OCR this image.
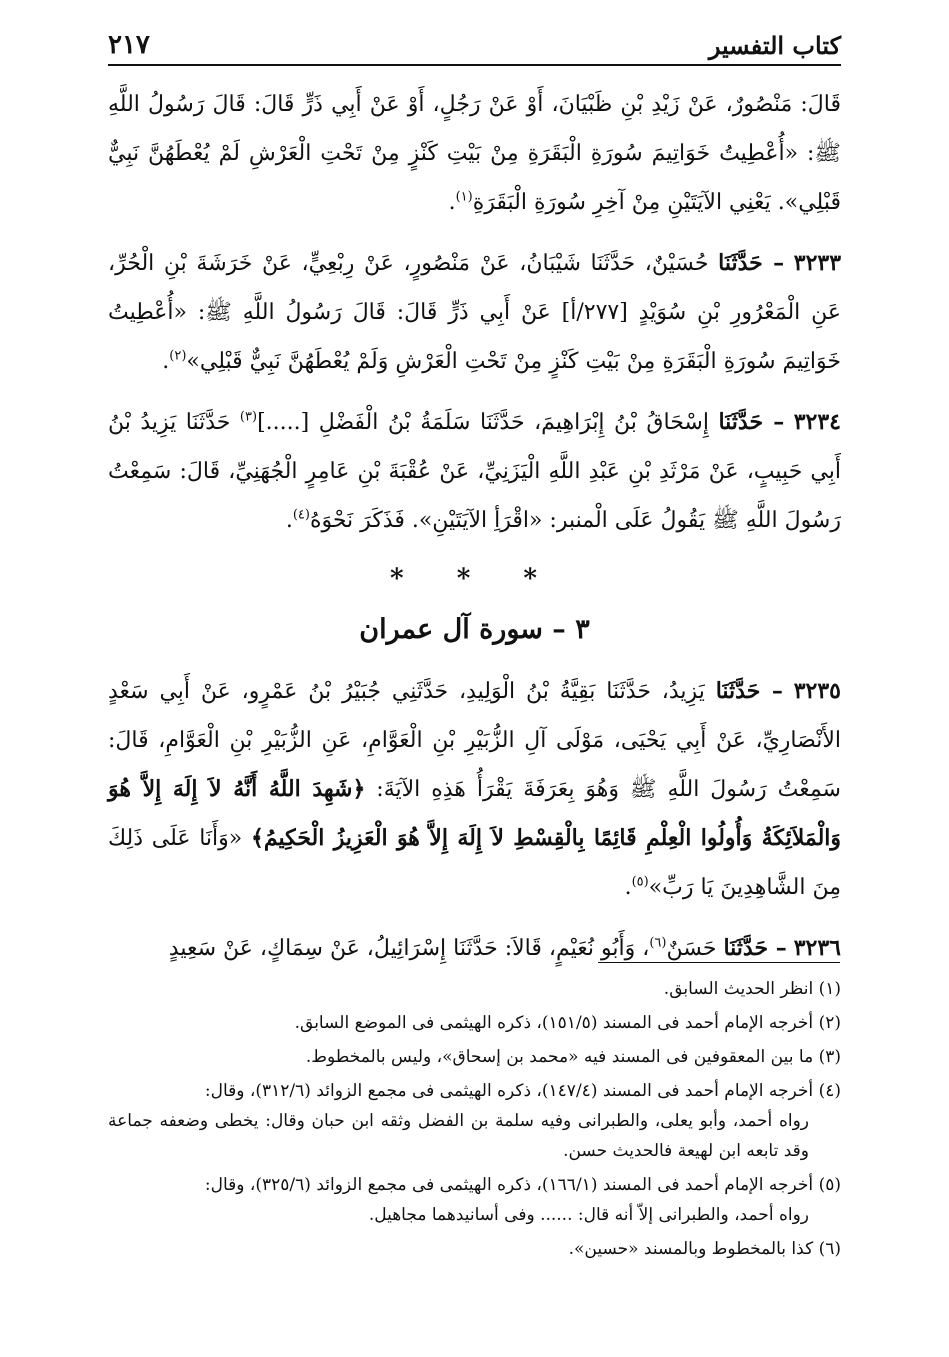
كتاب التفسير
٢١٧

قَالَ: مَنْصُورٌ، عَنْ زَيْدِ بْنِ ظَبْيَانَ، أَوْ عَنْ رَجُلٍ، أَوْ عَنْ أَبِي ذَرٍّ قَالَ: قَالَ رَسُولُ اللَّهِ ﷺ: «أُعْطِيتُ خَوَاتِيمَ سُورَةِ الْبَقَرَةِ مِنْ بَيْتِ كَنْزٍ مِنْ تَحْتِ الْعَرْشِ لَمْ يُعْطَهُنَّ نَبِيٌّ قَبْلِي». يَعْنِي الآيَتَيْنِ مِنْ آخِرِ سُورَةِ الْبَقَرَةِ$^{(١)}$.

٣٢٣٣ – حَدَّثَنَا حُسَيْنٌ، حَدَّثَنَا شَيْبَانُ، عَنْ مَنْصُورٍ، عَنْ رِبْعِيٍّ، عَنْ خَرَشَةَ بْنِ الْحُرِّ، عَنِ الْمَعْرُورِ بْنِ سُوَيْدٍ [٢٧٧/أ] عَنْ أَبِي ذَرٍّ قَالَ: قَالَ رَسُولُ اللَّهِ ﷺ: «أُعْطِيتُ خَوَاتِيمَ سُورَةِ الْبَقَرَةِ مِنْ بَيْتِ كَنْزٍ مِنْ تَحْتِ الْعَرْشِ وَلَمْ يُعْطَهُنَّ نَبِيٌّ قَبْلِي»$^{(٢)}$.

٣٢٣٤ – حَدَّثَنَا إِسْحَاقُ بْنُ إِبْرَاهِيمَ، حَدَّثَنَا سَلَمَةُ بْنُ الْفَضْلِ [.....]$^{(٣)}$ حَدَّثَنَا يَزِيدُ بْنُ أَبِي حَبِيبٍ، عَنْ مَرْثَدِ بْنِ عَبْدِ اللَّهِ الْيَزَنِيِّ، عَنْ عُقْبَةَ بْنِ عَامِرٍ الْجُهَنِيِّ، قَالَ: سَمِعْتُ رَسُولَ اللَّهِ ﷺ يَقُولُ عَلَى الْمنبر: «اقْرَأِ الآيَتَيْنِ». فَذَكَرَ نَحْوَهُ$^{(٤)}$.

* * *

٣ – سورة آل عمران

٣٢٣٥ – حَدَّثَنَا يَزِيدُ، حَدَّثَنَا بَقِيَّةُ بْنُ الْوَلِيدِ، حَدَّثَنِي جُبَيْرُ بْنُ عَمْرٍو، عَنْ أَبِي سَعْدٍ الأَنْصَارِيِّ، عَنْ أَبِي يَحْيَى، مَوْلَى آلِ الزُّبَيْرِ بْنِ الْعَوَّامِ، عَنِ الزُّبَيْرِ بْنِ الْعَوَّامِ، قَالَ: سَمِعْتُ رَسُولَ اللَّهِ ﷺ وَهُوَ بِعَرَفَةَ يَقْرَأُ هَذِهِ الآيَةَ: ﴿شَهِدَ اللَّهُ أَنَّهُ لاَ إِلَهَ إِلاَّ هُوَ وَالْمَلاَئِكَةُ وَأُولُوا الْعِلْمِ قَائِمًا بِالْقِسْطِ لاَ إِلَهَ إِلاَّ هُوَ الْعَزِيزُ الْحَكِيمُ﴾ «وَأَنَا عَلَى ذَلِكَ مِنَ الشَّاهِدِينَ يَا رَبِّ»$^{(٥)}$.

٣٢٣٦ – حَدَّثَنَا حَسَنٌ$^{(٦)}$، وَأَبُو نُعَيْمٍ، قَالاَ: حَدَّثَنَا إِسْرَائِيلُ، عَنْ سِمَاكٍ، عَنْ سَعِيدٍ

(١) انظر الحديث السابق.

(٢) أخرجه الإمام أحمد فى المسند (١٥١/٥)، ذكره الهيثمى فى الموضع السابق.

(٣) ما بين المعقوفين فى المسند فيه «محمد بن إسحاق»، وليس بالمخطوط.

(٤) أخرجه الإمام أحمد فى المسند (١٤٧/٤)، ذكره الهيثمى فى مجمع الزوائد (٣١٢/٦)، وقال:
رواه أحمد، وأبو يعلى، والطبرانى وفيه سلمة بن الفضل وثقه ابن حبان وقال: يخطى وضعفه جماعة وقد تابعه ابن لهيعة فالحديث حسن.

(٥) أخرجه الإمام أحمد فى المسند (١٦٦/١)، ذكره الهيثمى فى مجمع الزوائد (٣٢٥/٦)، وقال:
رواه أحمد، والطبرانى إلاّ أنه قال: ...... وفى أسانيدهما مجاهيل.

(٦) كذا بالمخطوط وبالمسند «حسين».
